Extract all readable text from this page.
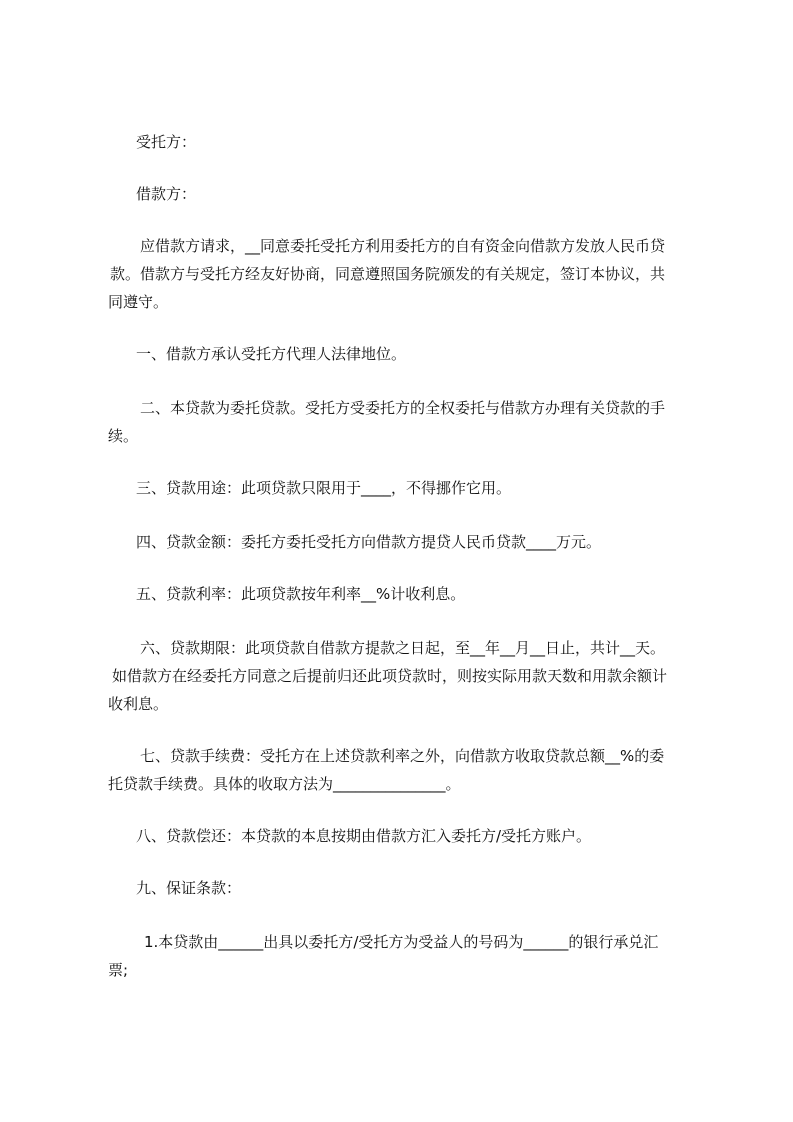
受托方：

借款方：

应借款方请求，__同意委托受托方利用委托方的自有资金向借款方发放人民币贷
款。借款方与受托方经友好协商，同意遵照国务院颁发的有关规定，签订本协议，共
同遵守。

一、借款方承认受托方代理人法律地位。

二、本贷款为委托贷款。受托方受委托方的全权委托与借款方办理有关贷款的手
续。

三、贷款用途：此项贷款只限用于____，不得挪作它用。

四、贷款金额：委托方委托受托方向借款方提贷人民币贷款____万元。

五、贷款利率：此项贷款按年利率__%计收利息。

六、贷款期限：此项贷款自借款方提款之日起，至__年__月__日止，共计__天。
如借款方在经委托方同意之后提前归还此项贷款时，则按实际用款天数和用款余额计
收利息。

七、贷款手续费：受托方在上述贷款利率之外，向借款方收取贷款总额__%的委
托贷款手续费。具体的收取方法为_______________。

八、贷款偿还：本贷款的本息按期由借款方汇入委托方/受托方账户。

九、保证条款：

1.本贷款由______出具以委托方/受托方为受益人的号码为______的银行承兑汇
票;
